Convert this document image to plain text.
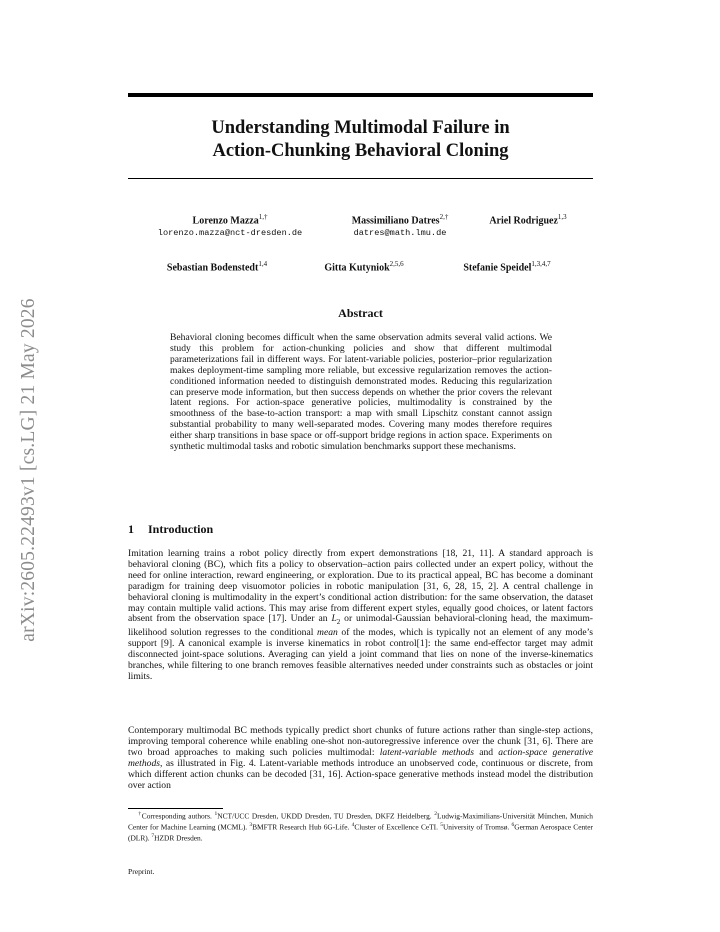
arXiv:2605.22493v1 [cs.LG] 21 May 2026
Understanding Multimodal Failure in
Action-Chunking Behavioral Cloning
Lorenzo Mazza$^{1,\dagger}$
lorenzo.mazza@nct-dresden.de
Massimiliano Datres$^{2,\dagger}$
datres@math.lmu.de
Ariel Rodriguez$^{1,3}$
Sebastian Bodenstedt$^{1,4}$	Gitta Kutyniok$^{2,5,6}$	Stefanie Speidel$^{1,3,4,7}$
Abstract
Behavioral cloning becomes difficult when the same observation admits several valid actions. We study this problem for action-chunking policies and show that different multimodal parameterizations fail in different ways. For latent-variable policies, posterior–prior regularization makes deployment-time sampling more reliable, but excessive regularization removes the action-conditioned information needed to distinguish demonstrated modes. Reducing this regularization can preserve mode information, but then success depends on whether the prior covers the relevant latent regions. For action-space generative policies, multimodality is constrained by the smoothness of the base-to-action transport: a map with small Lipschitz constant cannot assign substantial probability to many well-separated modes. Covering many modes therefore requires either sharp transitions in base space or off-support bridge regions in action space. Experiments on synthetic multimodal tasks and robotic simulation benchmarks support these mechanisms.
1 Introduction
Imitation learning trains a robot policy directly from expert demonstrations [18, 21, 11]. A standard approach is behavioral cloning (BC), which fits a policy to observation–action pairs collected under an expert policy, without the need for online interaction, reward engineering, or exploration. Due to its practical appeal, BC has become a dominant paradigm for training deep visuomotor policies in robotic manipulation [31, 6, 28, 15, 2]. A central challenge in behavioral cloning is multimodality in the expert’s conditional action distribution: for the same observation, the dataset may contain multiple valid actions. This may arise from different expert styles, equally good choices, or latent factors absent from the observation space [17]. Under an $L_2$ or unimodal-Gaussian behavioral-cloning head, the maximum-likelihood solution regresses to the conditional mean of the modes, which is typically not an element of any mode’s support [9]. A canonical example is inverse kinematics in robot control[1]: the same end-effector target may admit disconnected joint-space solutions. Averaging can yield a joint command that lies on none of the inverse-kinematics branches, while filtering to one branch removes feasible alternatives needed under constraints such as obstacles or joint limits.
Contemporary multimodal BC methods typically predict short chunks of future actions rather than single-step actions, improving temporal coherence while enabling one-shot non-autoregressive inference over the chunk [31, 6]. There are two broad approaches to making such policies multimodal: latent-variable methods and action-space generative methods, as illustrated in Fig. 4. Latent-variable methods introduce an unobserved code, continuous or discrete, from which different action chunks can be decoded [31, 16]. Action-space generative methods instead model the distribution over action
†Corresponding authors. $^1$NCT/UCC Dresden, UKDD Dresden, TU Dresden, DKFZ Heidelberg. $^2$Ludwig-Maximilians-Universität München, Munich Center for Machine Learning (MCML). $^3$BMFTR Research Hub 6G-Life. $^4$Cluster of Excellence CeTI. $^5$University of Tromsø. $^6$German Aerospace Center (DLR). $^7$HZDR Dresden.
Preprint.
